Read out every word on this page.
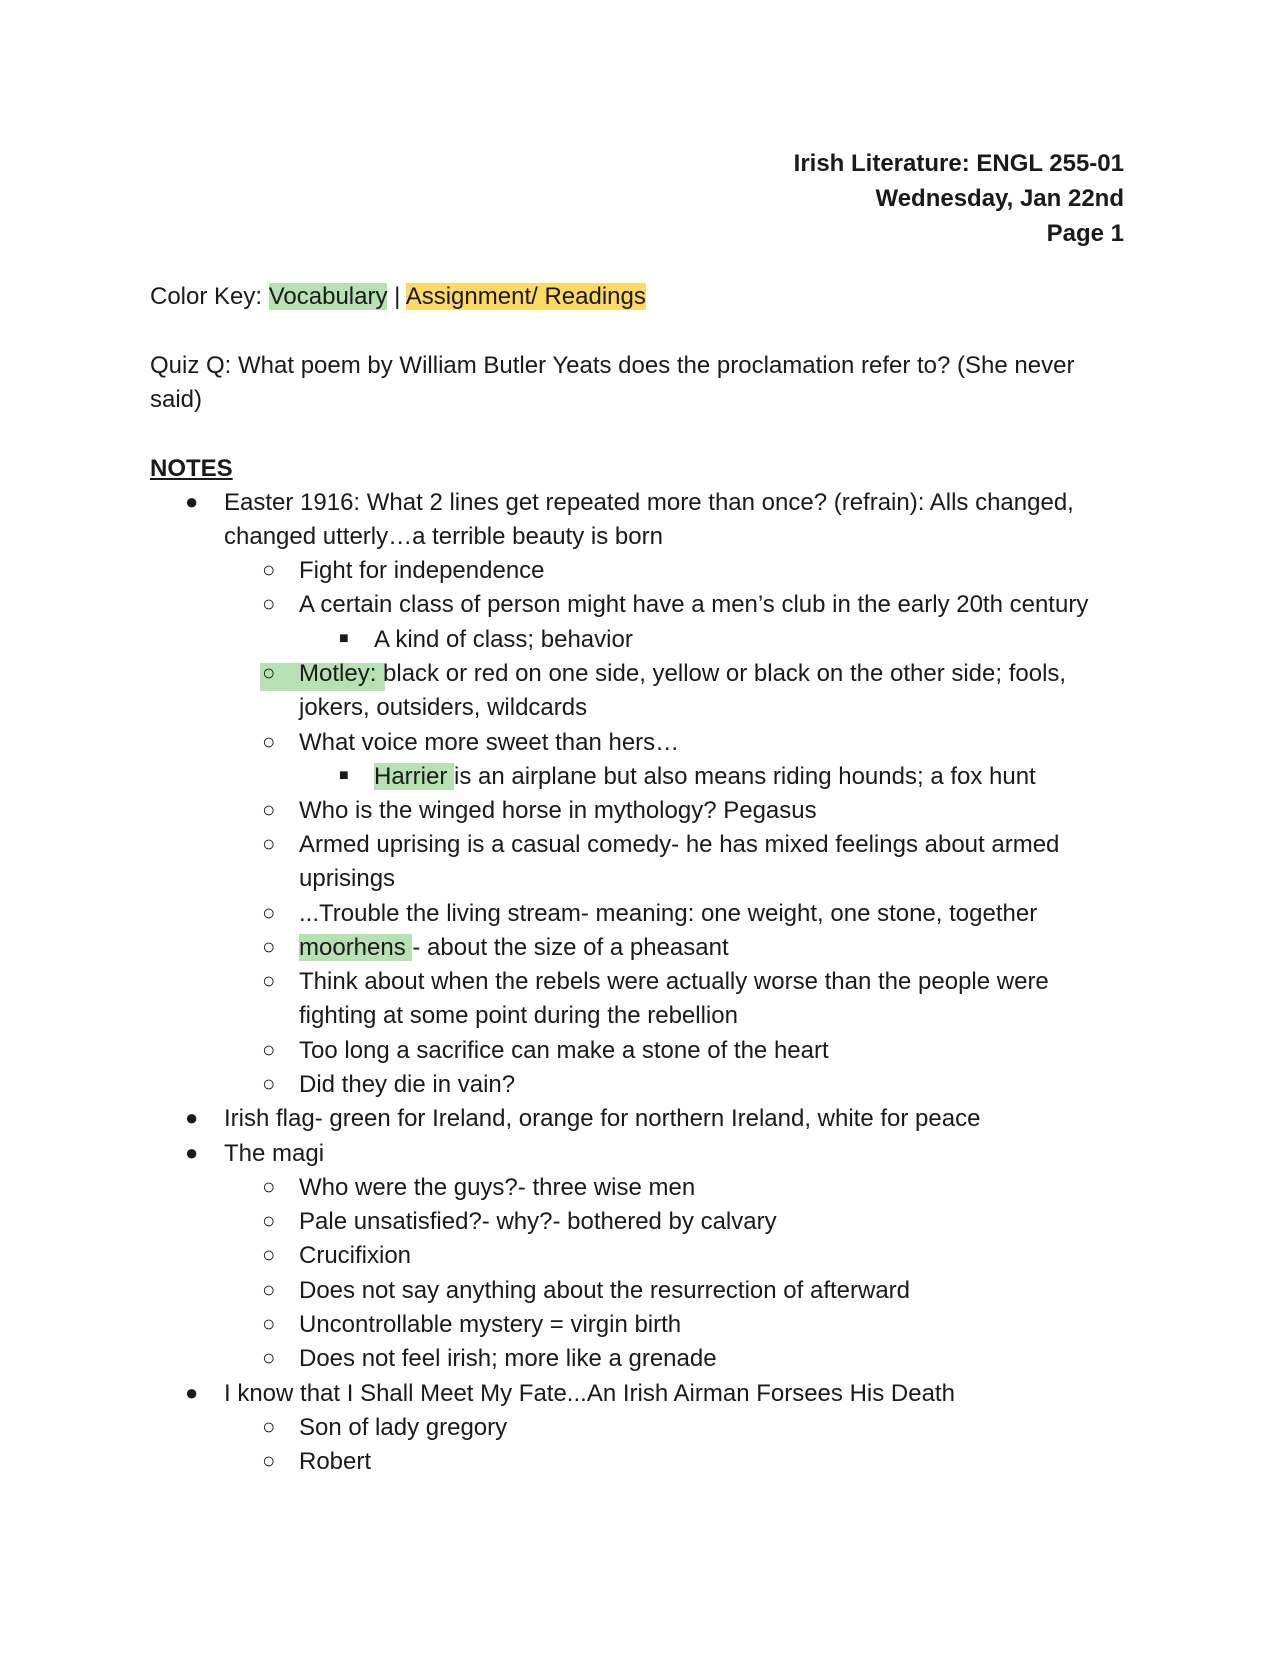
Irish Literature: ENGL 255-01
Wednesday, Jan 22nd
Page 1
Color Key: Vocabulary | Assignment/ Readings
Quiz Q: What poem by William Butler Yeats does the proclamation refer to? (She never
said)
NOTES
● Easter 1916: What 2 lines get repeated more than once? (refrain): Alls changed,
changed utterly…a terrible beauty is born
○ Fight for independence
○ A certain class of person might have a men’s club in the early 20th century
■ A kind of class; behavior
○ Motley: black or red on one side, yellow or black on the other side; fools,
jokers, outsiders, wildcards
○ What voice more sweet than hers…
■ Harrier is an airplane but also means riding hounds; a fox hunt
○ Who is the winged horse in mythology? Pegasus
○ Armed uprising is a casual comedy- he has mixed feelings about armed
uprisings
○ ...Trouble the living stream- meaning: one weight, one stone, together
○ moorhens - about the size of a pheasant
○ Think about when the rebels were actually worse than the people were
fighting at some point during the rebellion
○ Too long a sacrifice can make a stone of the heart
○ Did they die in vain?
● Irish flag- green for Ireland, orange for northern Ireland, white for peace
● The magi
○ Who were the guys?- three wise men
○ Pale unsatisfied?- why?- bothered by calvary
○ Crucifixion
○ Does not say anything about the resurrection of afterward
○ Uncontrollable mystery = virgin birth
○ Does not feel irish; more like a grenade
● I know that I Shall Meet My Fate...An Irish Airman Forsees His Death
○ Son of lady gregory
○ Robert
